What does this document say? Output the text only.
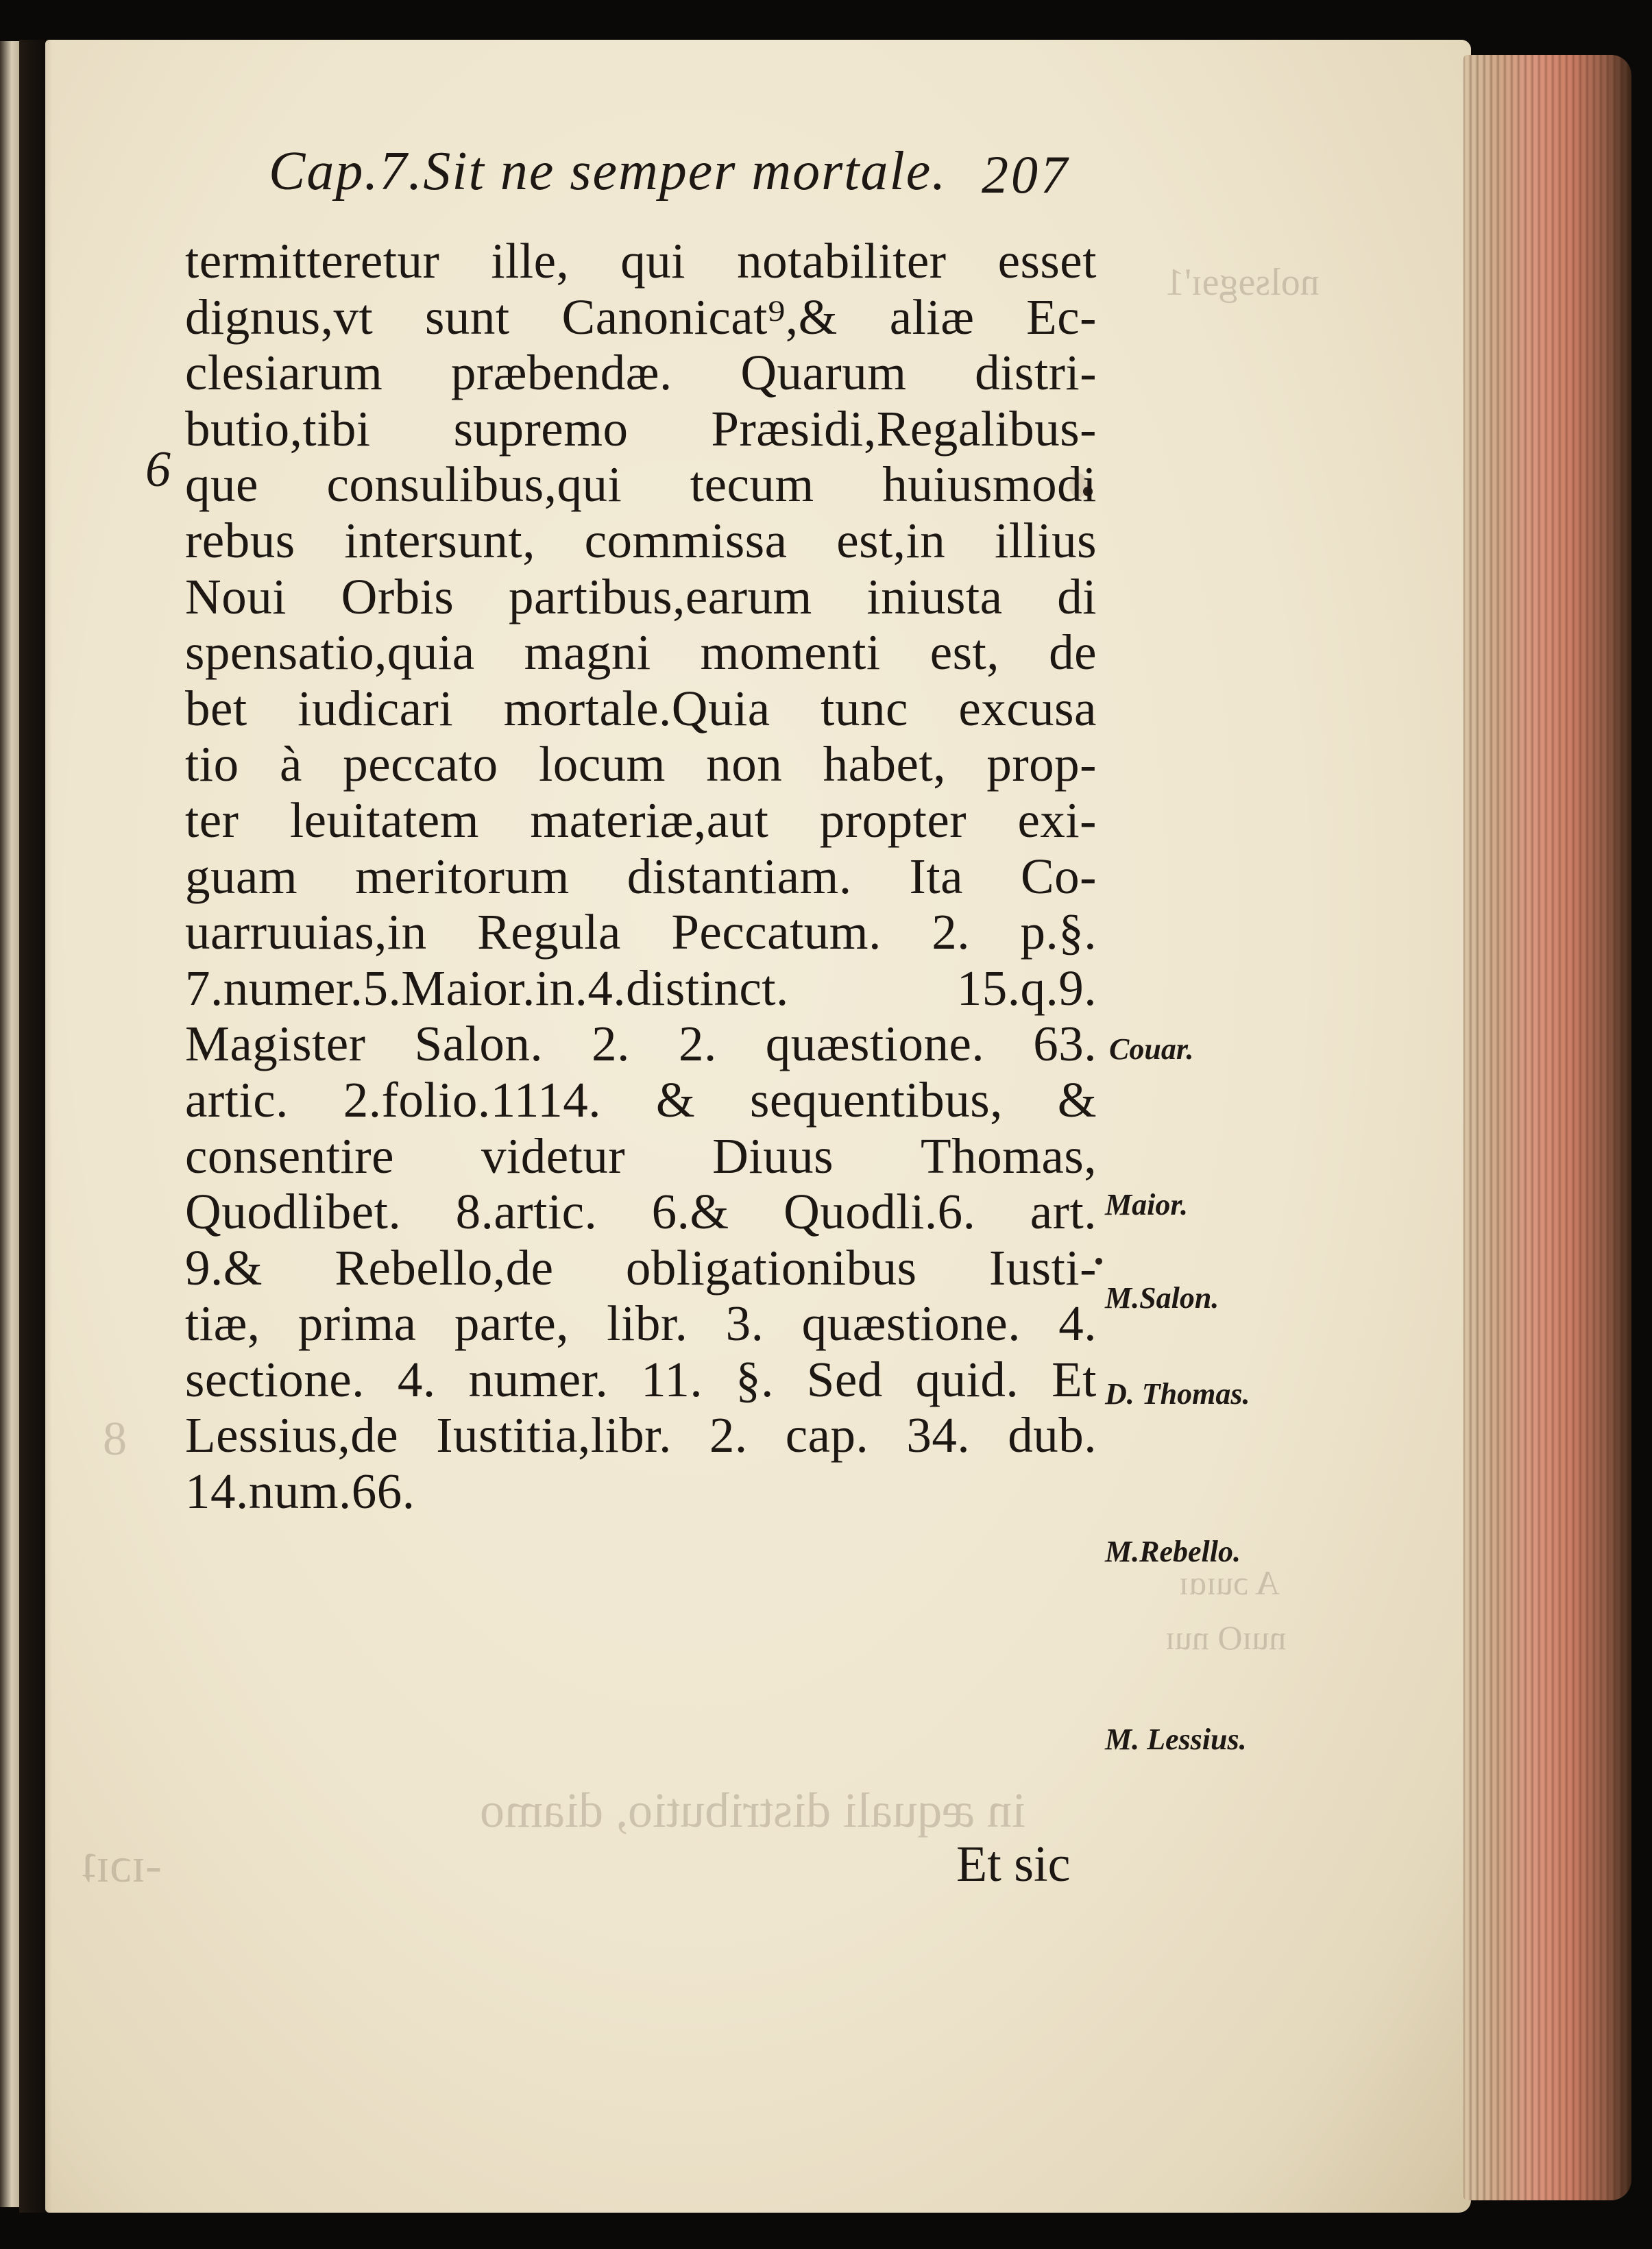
in æquali distributio, diamo
-ɪɔɪʇ
nolsɘgɘɪ'1
A ɔuɪɑɪ
nuɪO nuɪ
8
Cap.7.Sit ne semper mortale. 207
6
termitteretur ille, qui notabiliter esset
dignus,vt sunt Canonicat⁹,& aliæ Ec-
clesiarum præbendæ. Quarum distri-
butio,tibi supremo Præsidi,Regalibus-
que consulibus,qui tecum huiusmodi
rebus intersunt, commissa est,in illius
Noui Orbis partibus,earum iniusta di
spensatio,quia magni momenti est, de
bet iudicari mortale.Quia tunc excusa
tio à peccato locum non habet, prop-
ter leuitatem materiæ,aut propter exi-
guam meritorum distantiam. Ita Co-
uarruuias,in Regula Peccatum. 2. p.§.
7.numer.5.Maior.in.4.distinct.	15.q.9.
Magister Salon. 2. 2. quæstione. 63.
artic. 2.folio.1114. & sequentibus, &
consentire videtur Diuus Thomas,
Quodlibet. 8.artic. 6.& Quodli.6. art.
9.& Rebello,de obligationibus Iusti-
tiæ, prima parte, libr. 3. quæstione. 4.
sectione. 4. numer. 11. §. Sed quid. Et
Lessius,de Iustitia,libr. 2. cap. 34. dub.
14.num.66.
Et sic
Couar.
Maior.
M.Salon.
D. Thomas.
M.Rebello.
M. Lessius.
